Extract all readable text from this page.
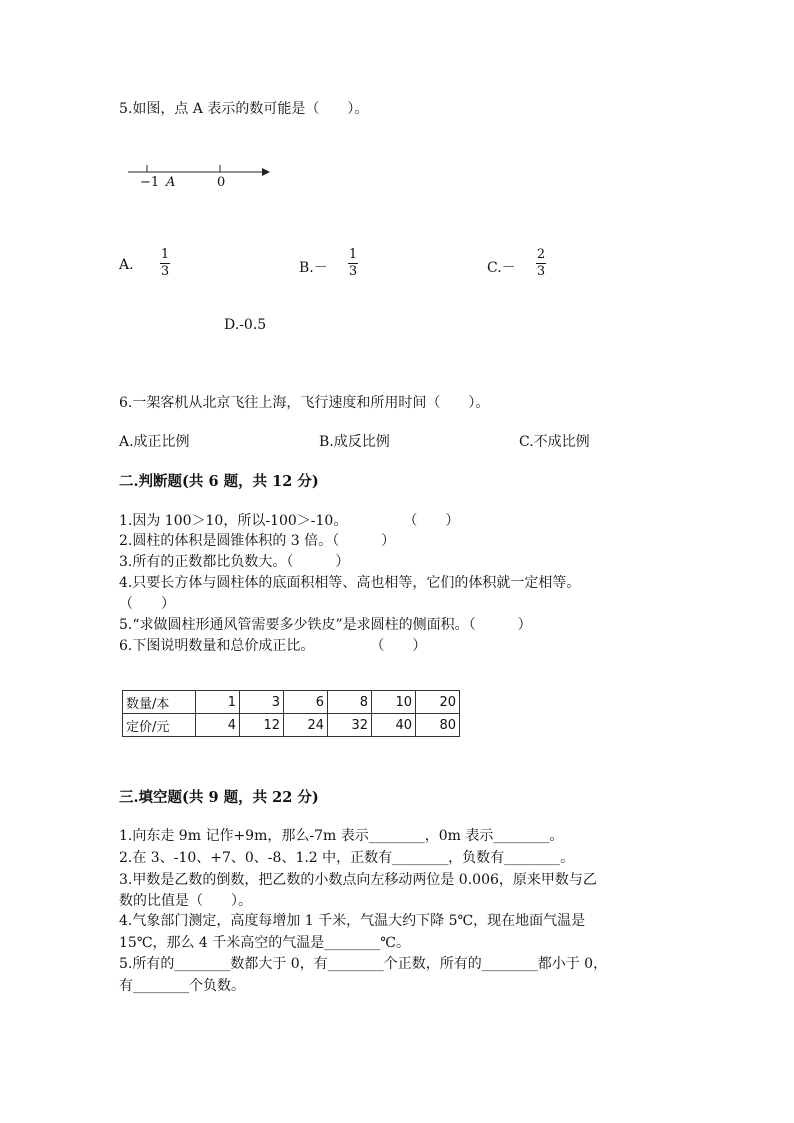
5.如图，点 A 表示的数可能是（　　）。
−1 A	0
A.
1
3	B.－
1
3	C.－
2
3
D.-0.5
6.一架客机从北京飞往上海，飞行速度和所用时间（　　）。
A.成正比例	B.成反比例	C.不成比例
二.判断题(共 6 题，共 12 分)
1.因为 100＞10，所以-100＞-10。　　　　　（　　）
2.圆柱的体积是圆锥体积的 3 倍。（　　　）
3.所有的正数都比负数大。（　　　）
4.只要长方体与圆柱体的底面积相等、高也相等，它们的体积就一定相等。
（　　）
5.“求做圆柱形通风管需要多少铁皮”是求圆柱的侧面积。（　　　）
6.下图说明数量和总价成正比。　　　　　（　　）
数量/本	1	3	6	8	10	20
定价/元	4	12	24	32	40	80
三.填空题(共 9 题，共 22 分)
1.向东走 9m 记作+9m，那么-7m 表示________，0m 表示________。
2.在 3、-10、+7、0、-8、1.2 中，正数有________，负数有________。
3.甲数是乙数的倒数，把乙数的小数点向左移动两位是 0.006，原来甲数与乙
数的比值是（　　）。
4.气象部门测定，高度每增加 1 千米，气温大约下降 5℃，现在地面气温是
15℃，那么 4 千米高空的气温是________℃。
5.所有的________数都大于 0，有________个正数，所有的________都小于 0，
有________个负数。
